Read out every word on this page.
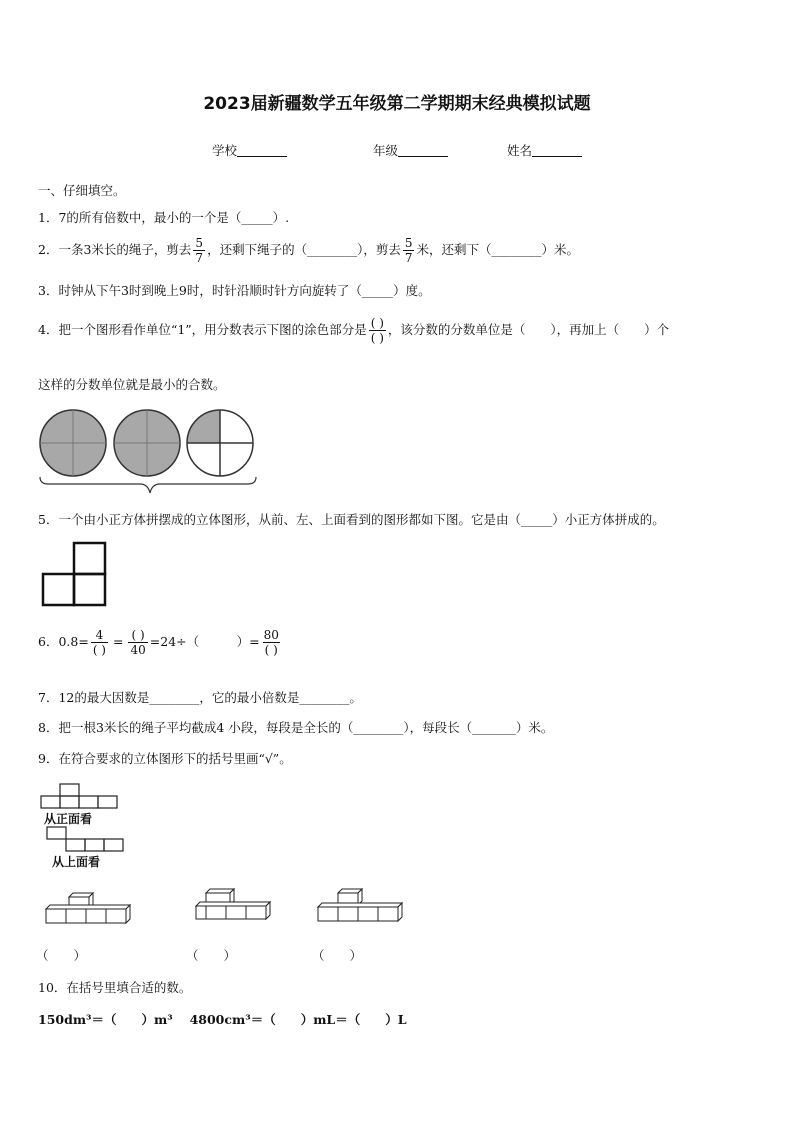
2023届新疆数学五年级第二学期期末经典模拟试题
学校	年级	姓名
一、仔细填空。
1．7的所有倍数中，最小的一个是（_____）.
2．一条3米长的绳子，剪去 $\frac{5}{7}$ ，还剩下绳子的（________），剪去 $\frac{5}{7}$ 米，还剩下（________）米。
3．时钟从下午3时到晚上9时，时针沿顺时针方向旋转了（_____）度。
4．把一个图形看作单位“1”，用分数表示下图的涂色部分是 $\frac{( )}{( )}$ ，该分数的分数单位是（　　），再加上（　　）个
这样的分数单位就是最小的合数。
5．一个由小正方体拼摆成的立体图形，从前、左、上面看到的图形都如下图。它是由（_____）小正方体拼成的。
6．$0.8= \frac{4}{( )} = \frac{( )}{40} =24\div$（　　　）= $\frac{80}{( )}$
7．12的最大因数是________，它的最小倍数是________。
8．把一根3米长的绳子平均截成4 小段，每段是全长的（________），每段长（_______）米。
9．在符合要求的立体图形下的括号里画“√”。
从正面看
从上面看
（　　）	（　　）	（　　）
10．在括号里填合适的数。
150dm³＝（　　）m³　 4800cm³＝（　　）mL＝（　　）L
